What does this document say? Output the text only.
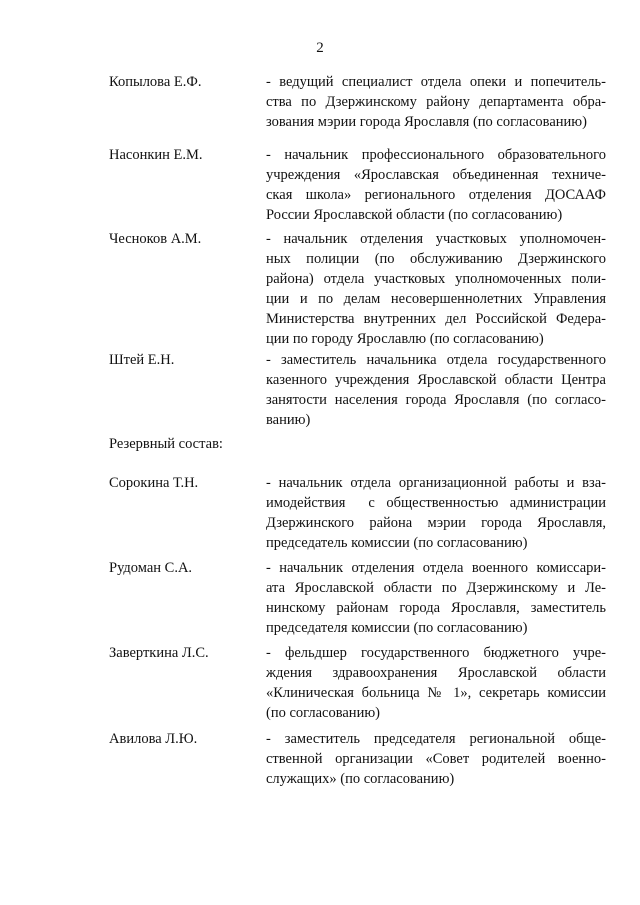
2
Копылова Е.Ф.	- ведущий специалист отдела опеки и попечитель-
ства по Дзержинскому району департамента обра-
зования мэрии города Ярославля (по согласованию)
Насонкин Е.М.	- начальник профессионального образовательного
учреждения «Ярославская объединенная техниче-
ская школа» регионального отделения ДОСААФ
России Ярославской области (по согласованию)
Чесноков А.М.	- начальник отделения участковых уполномочен-
ных полиции (по обслуживанию Дзержинского
района) отдела участковых уполномоченных поли-
ции и по делам несовершеннолетних Управления
Министерства внутренних дел Российской Федера-
ции по городу Ярославлю (по согласованию)
Штей Е.Н.	- заместитель начальника отдела государственного
казенного учреждения Ярославской области Центра
занятости населения города Ярославля (по согласо-
ванию)
Резервный состав:
Сорокина Т.Н.	- начальник отдела организационной работы и вза-
имодействия  с общественностью администрации
Дзержинского района мэрии города Ярославля,
председатель комиссии (по согласованию)
Рудоман С.А.	- начальник отделения отдела военного комиссари-
ата Ярославской области по Дзержинскому и Ле-
нинскому районам города Ярославля, заместитель
председателя комиссии (по согласованию)
Заверткина Л.С.	- фельдшер государственного бюджетного учре-
ждения здравоохранения Ярославской области
«Клиническая больница № 1», секретарь комиссии
(по согласованию)
Авилова Л.Ю.	- заместитель председателя региональной обще-
ственной организации «Совет родителей военно-
служащих» (по согласованию)
